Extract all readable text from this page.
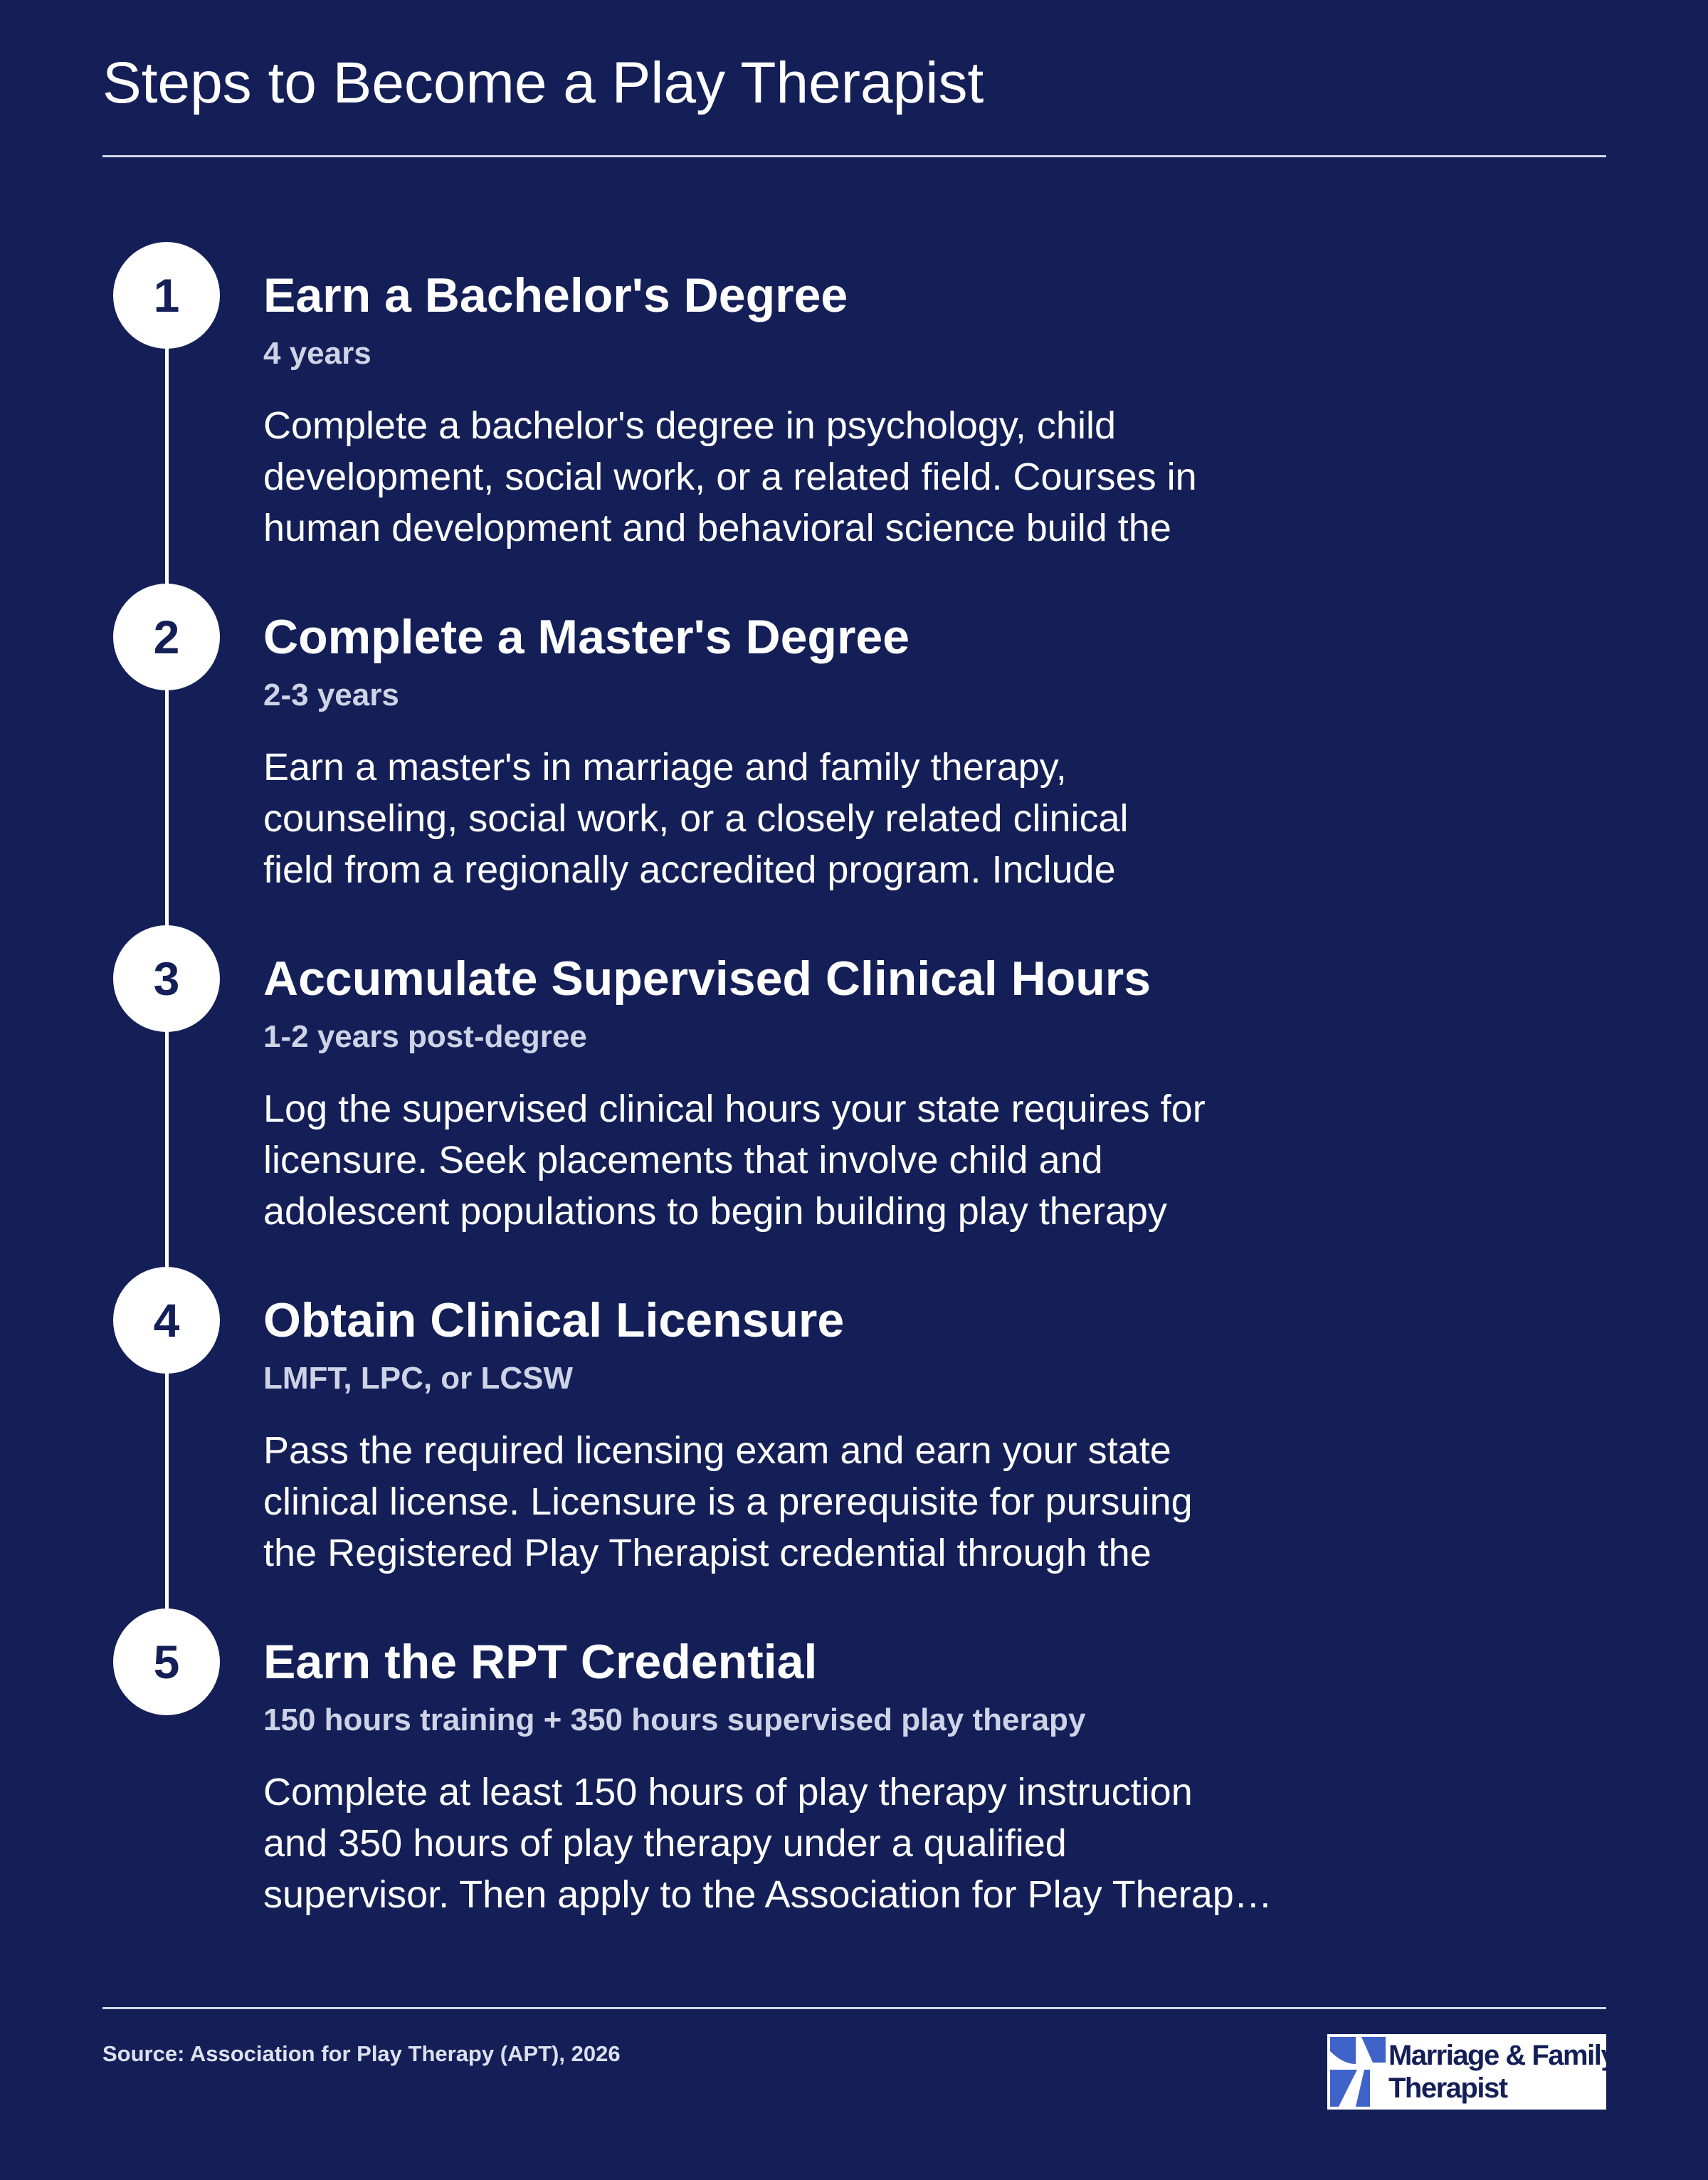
Steps to Become a Play Therapist
1	Earn a Bachelor's Degree
4 years
Complete a bachelor's degree in psychology, child
development, social work, or a related field. Courses in
human development and behavioral science build the
2	Complete a Master's Degree
2-3 years
Earn a master's in marriage and family therapy,
counseling, social work, or a closely related clinical
field from a regionally accredited program. Include
3	Accumulate Supervised Clinical Hours
1-2 years post-degree
Log the supervised clinical hours your state requires for
licensure. Seek placements that involve child and
adolescent populations to begin building play therapy
4	Obtain Clinical Licensure
LMFT, LPC, or LCSW
Pass the required licensing exam and earn your state
clinical license. Licensure is a prerequisite for pursuing
the Registered Play Therapist credential through the
5	Earn the RPT Credential
150 hours training + 350 hours supervised play therapy
Complete at least 150 hours of play therapy instruction
and 350 hours of play therapy under a qualified
supervisor. Then apply to the Association for Play Therap…
Source: Association for Play Therapy (APT), 2026	Marriage & Family
Therapist
